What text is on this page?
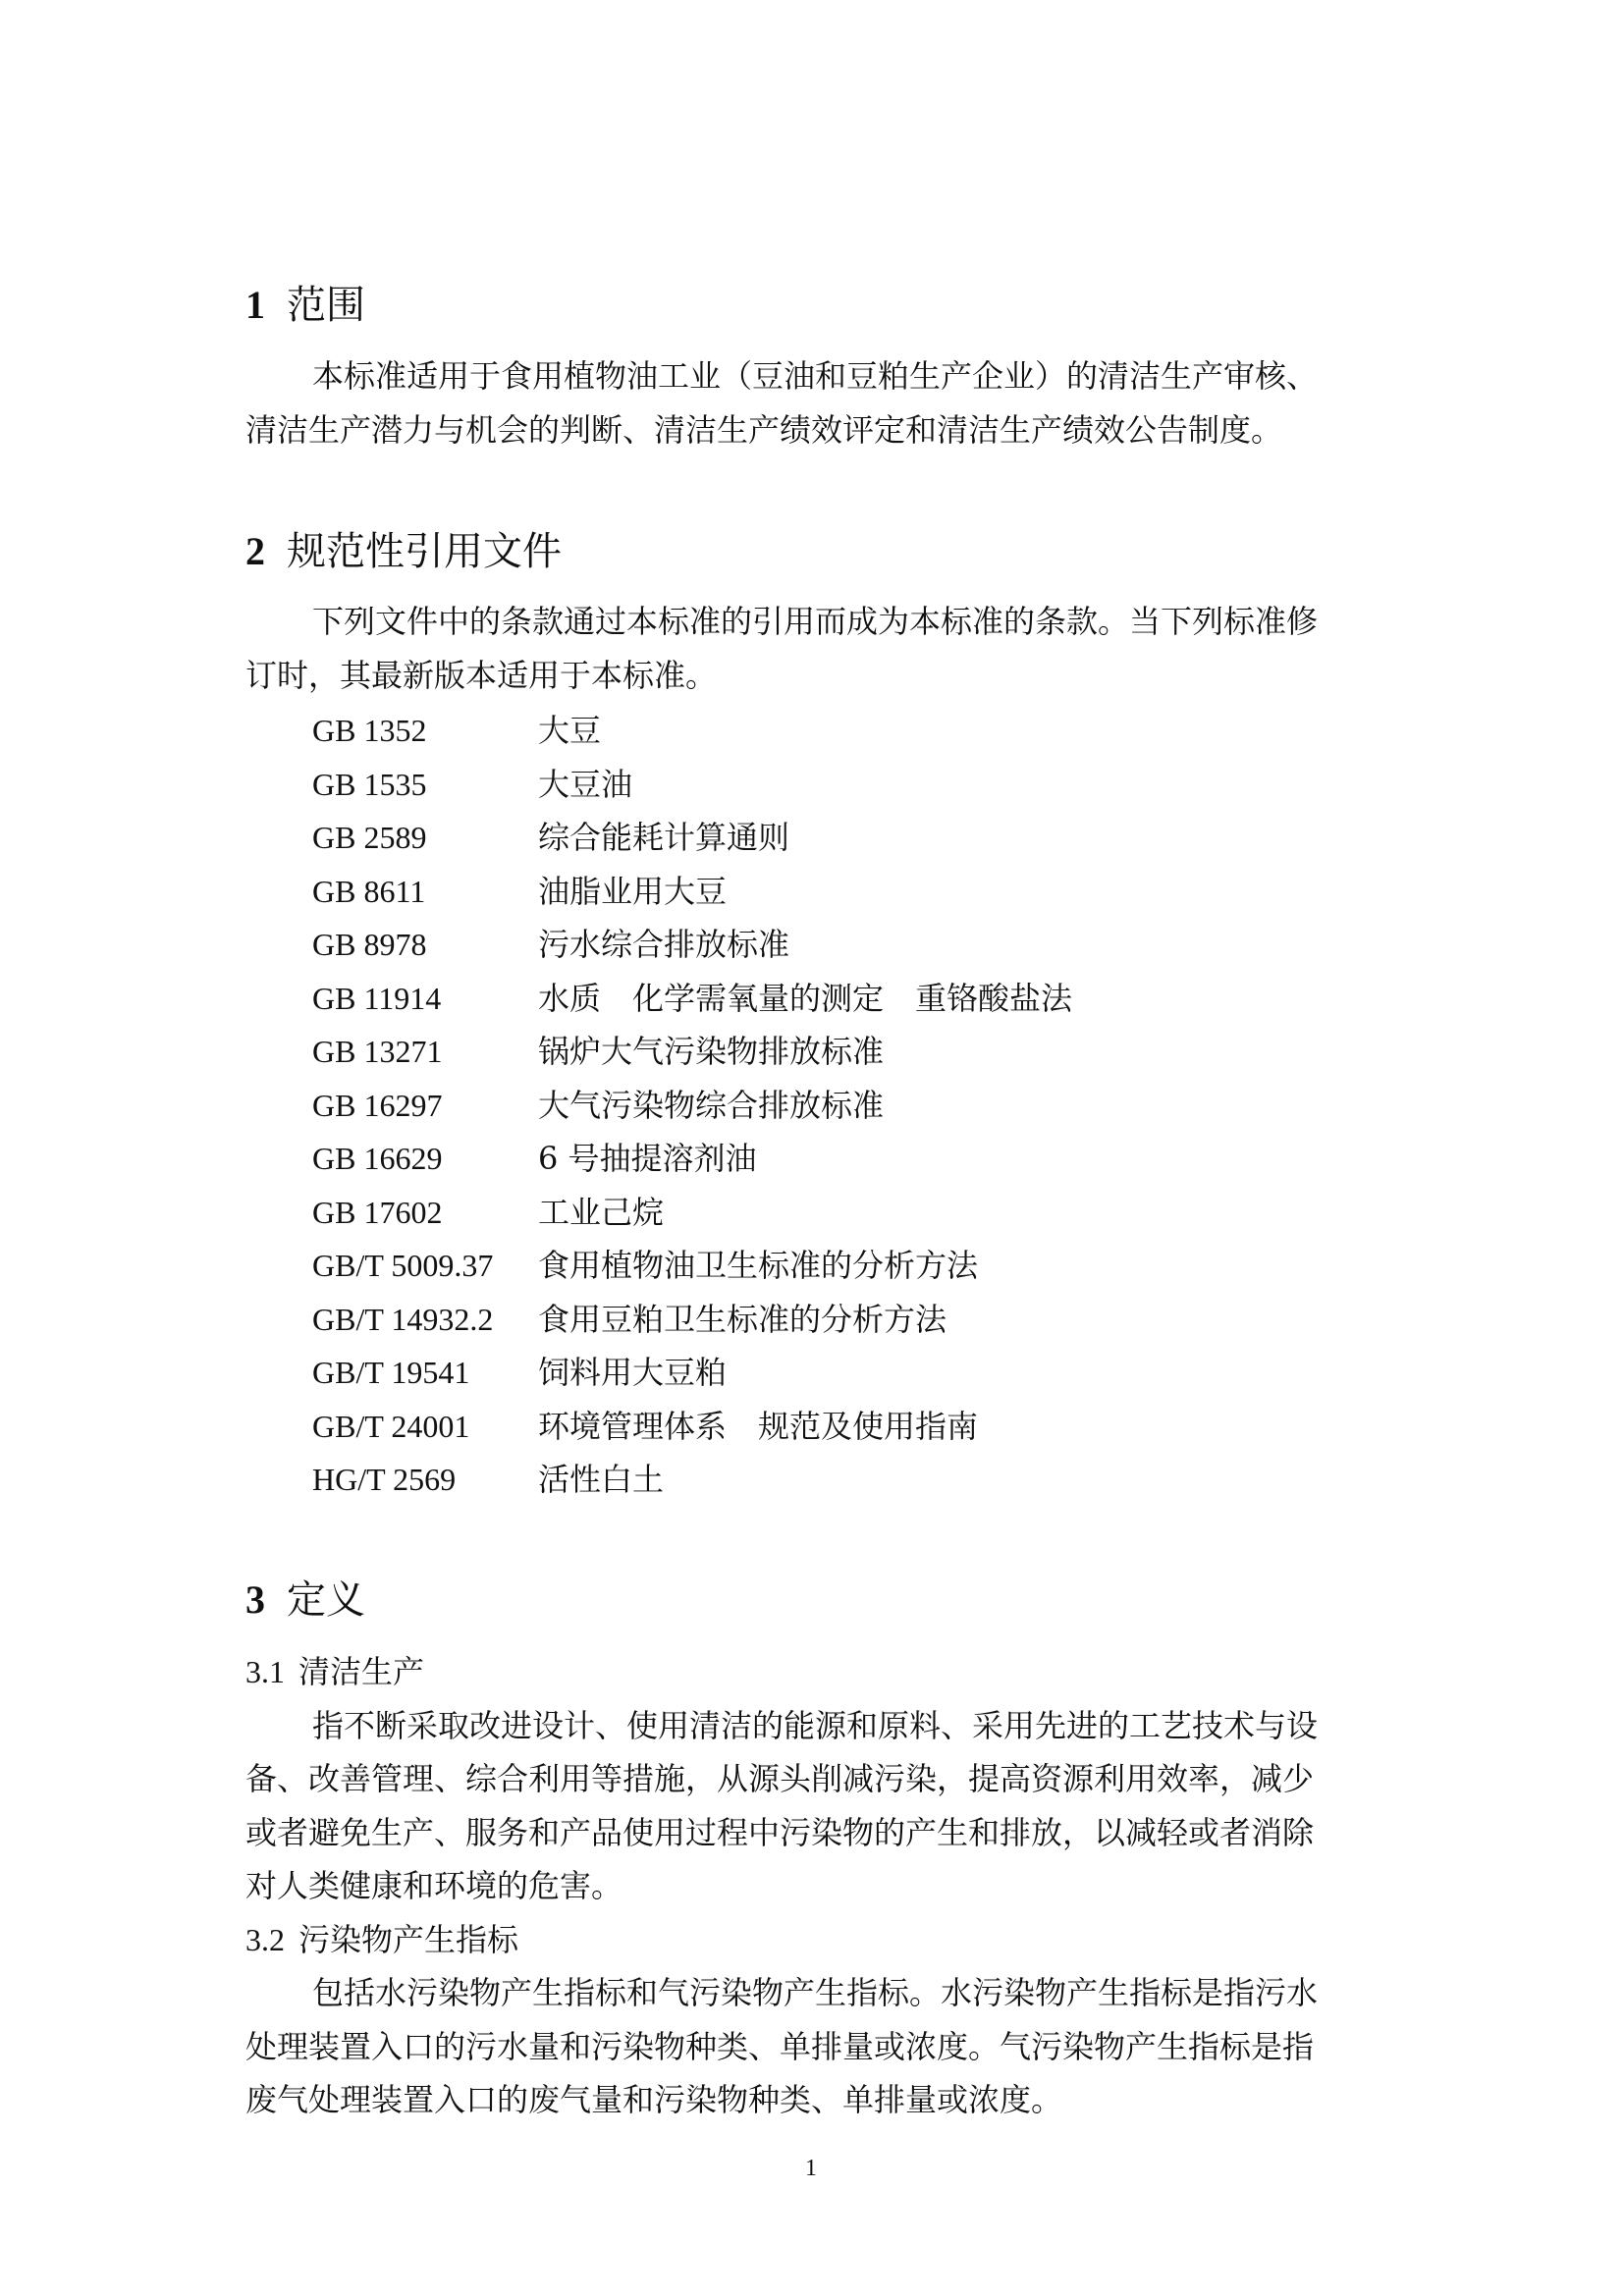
1 范围
本标准适用于食用植物油工业（豆油和豆粕生产企业）的清洁生产审核、
清洁生产潜力与机会的判断、清洁生产绩效评定和清洁生产绩效公告制度。
2 规范性引用文件
下列文件中的条款通过本标准的引用而成为本标准的条款。当下列标准修
订时，其最新版本适用于本标准。
GB 1352	大豆
GB 1535	大豆油
GB 2589	综合能耗计算通则
GB 8611	油脂业用大豆
GB 8978	污水综合排放标准
GB 11914	水质　化学需氧量的测定　重铬酸盐法
GB 13271	锅炉大气污染物排放标准
GB 16297	大气污染物综合排放标准
GB 16629	6 号抽提溶剂油
GB 17602	工业己烷
GB/T 5009.37 食用植物油卫生标准的分析方法
GB/T 14932.2 食用豆粕卫生标准的分析方法
GB/T 19541 饲料用大豆粕
GB/T 24001 环境管理体系　规范及使用指南
HG/T 2569	活性白土
3 定义
3.1 清洁生产
指不断采取改进设计、使用清洁的能源和原料、采用先进的工艺技术与设
备、改善管理、综合利用等措施，从源头削减污染，提高资源利用效率，减少
或者避免生产、服务和产品使用过程中污染物的产生和排放，以减轻或者消除
对人类健康和环境的危害。
3.2 污染物产生指标
包括水污染物产生指标和气污染物产生指标。水污染物产生指标是指污水
处理装置入口的污水量和污染物种类、单排量或浓度。气污染物产生指标是指
废气处理装置入口的废气量和污染物种类、单排量或浓度。
1
